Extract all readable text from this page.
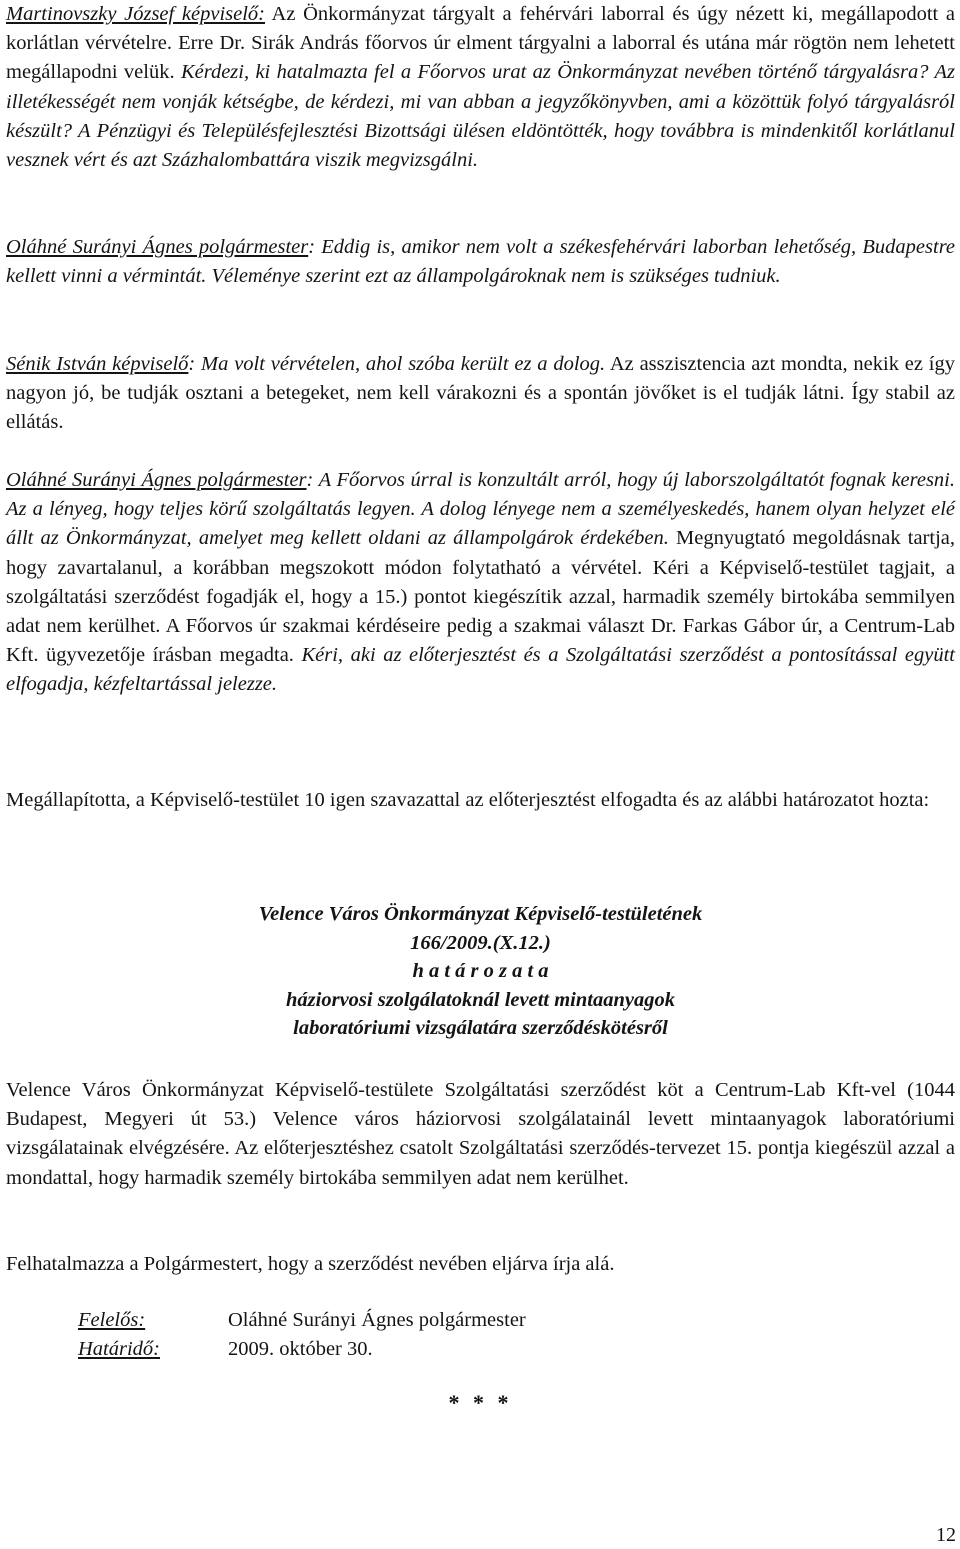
Martinovszky József képviselő: Az Önkormányzat tárgyalt a fehérvári laborral és úgy nézett ki, megállapodott a korlátlan vérvételre. Erre Dr. Sirák András főorvos úr elment tárgyalni a laborral és utána már rögtön nem lehetett megállapodni velük. Kérdezi, ki hatalmazta fel a Főorvos urat az Önkormányzat nevében történő tárgyalásra? Az illetékességét nem vonják kétségbe, de kérdezi, mi van abban a jegyzőkönyvben, ami a közöttük folyó tárgyalásról készült? A Pénzügyi és Településfejlesztési Bizottsági ülésen eldöntötték, hogy továbbra is mindenkitől korlátlanul vesznek vért és azt Százhalombattára viszik megvizsgálni.

Oláhné Surányi Ágnes polgármester: Eddig is, amikor nem volt a székesfehérvári laborban lehetőség, Budapestre kellett vinni a vérmintát. Véleménye szerint ezt az állampolgároknak nem is szükséges tudniuk.

Sénik István képviselő: Ma volt vérvételen, ahol szóba került ez a dolog. Az asszisztencia azt mondta, nekik ez így nagyon jó, be tudják osztani a betegeket, nem kell várakozni és a spontán jövőket is el tudják látni. Így stabil az ellátás.

Oláhné Surányi Ágnes polgármester: A Főorvos úrral is konzultált arról, hogy új laborszolgáltatót fognak keresni. Az a lényeg, hogy teljes körű szolgáltatás legyen. A dolog lényege nem a személyeskedés, hanem olyan helyzet elé állt az Önkormányzat, amelyet meg kellett oldani az állampolgárok érdekében. Megnyugtató megoldásnak tartja, hogy zavartalanul, a korábban megszokott módon folytatható a vérvétel. Kéri a Képviselő-testület tagjait, a szolgáltatási szerződést fogadják el, hogy a 15.) pontot kiegészítik azzal, harmadik személy birtokába semmilyen adat nem kerülhet. A Főorvos úr szakmai kérdéseire pedig a szakmai választ Dr. Farkas Gábor úr, a Centrum-Lab Kft. ügyvezetője írásban megadta. Kéri, aki az előterjesztést és a Szolgáltatási szerződést a pontosítással együtt elfogadja, kézfeltartással jelezze.

Megállapította, a Képviselő-testület 10 igen szavazattal az előterjesztést elfogadta és az alábbi határozatot hozta:

Velence Város Önkormányzat Képviselő-testületének
166/2009.(X.12.)
h a t á r o z a t a
háziorvosi szolgálatoknál levett mintaanyagok
laboratóriumi vizsgálatára szerződéskötésről

Velence Város Önkormányzat Képviselő-testülete Szolgáltatási szerződést köt a Centrum-Lab Kft-vel (1044 Budapest, Megyeri út 53.) Velence város háziorvosi szolgálatainál levett mintaanyagok laboratóriumi vizsgálatainak elvégzésére. Az előterjesztéshez csatolt Szolgáltatási szerződés-tervezet 15. pontja kiegészül azzal a mondattal, hogy harmadik személy birtokába semmilyen adat nem kerülhet.

Felhatalmazza a Polgármestert, hogy a szerződést nevében eljárva írja alá.

Felelős:	Oláhné Surányi Ágnes polgármester
Határidő:	2009. október 30.
* * *
12
